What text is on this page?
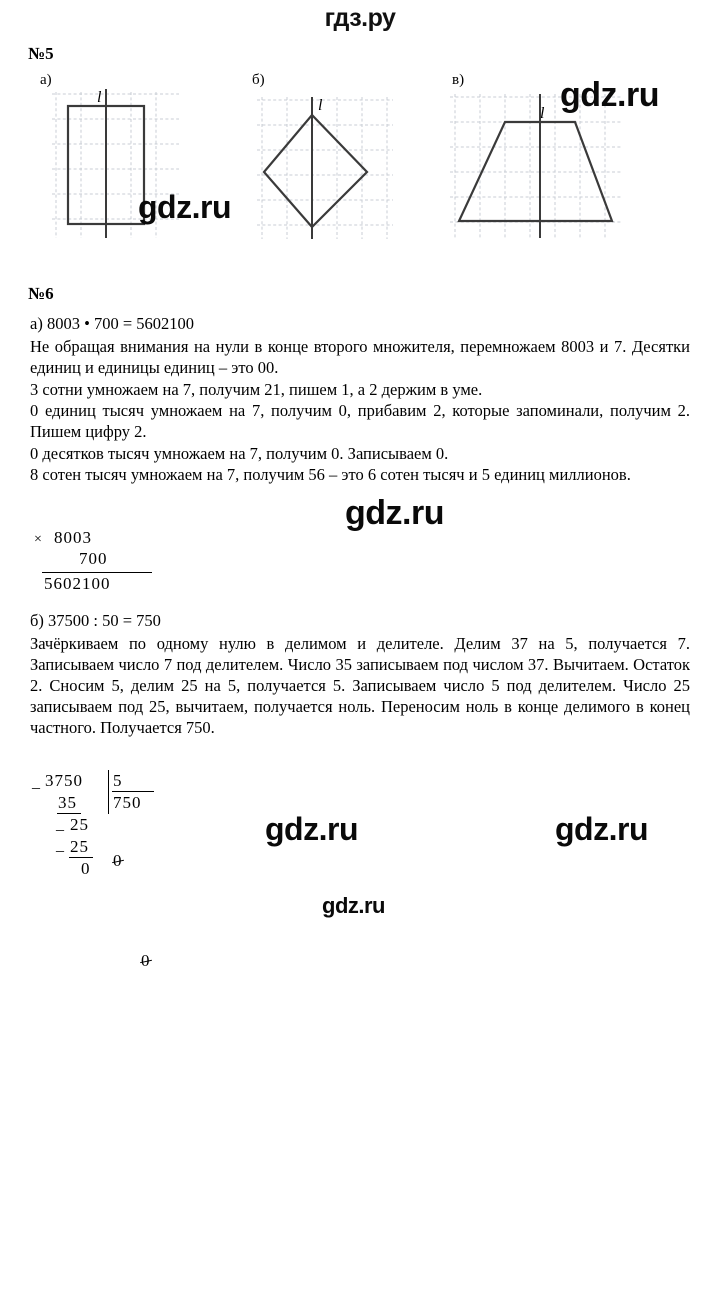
гдз.ру
№5
а)
l
б)
l
в)
l
№6
а) 8003 • 700 = 5602100
Не обращая внимания на нули в конце второго множителя, перемножаем 8003 и 7. Десятки единиц и единицы единиц – это 00.
3 сотни умножаем на 7, получим 21, пишем 1, а 2 держим в уме.
0 единиц тысяч умножаем на 7, получим 0, прибавим 2, которые запоминали, получим 2. Пишем цифру 2.
0 десятков тысяч умножаем на 7, получим 0. Записываем 0.
8 сотен тысяч умножаем на 7, получим 56 – это 6 сотен тысяч и 5 единиц миллионов.

×

8003

700

5602100

б) 37500 : 50 = 750
Зачёркиваем по одному нулю в делимом и делителе. Делим 37 на 5, получается 7. Записываем число 7 под делителем. Число 35 записываем под числом 37. Вычитаем. Остаток 2. Сносим 5, делим 25 на 5, получается 5. Записываем число 5 под делителем. Число 25 записываем под 25, вычитаем, получается ноль. Переносим ноль в конце делимого в конец частного. Получается 750.

_

3750

0

5

0

750

35

_

25

_

25

0

gdz.ru
gdz.ru
gdz.ru
gdz.ru	gdz.ru
gdz.ru
